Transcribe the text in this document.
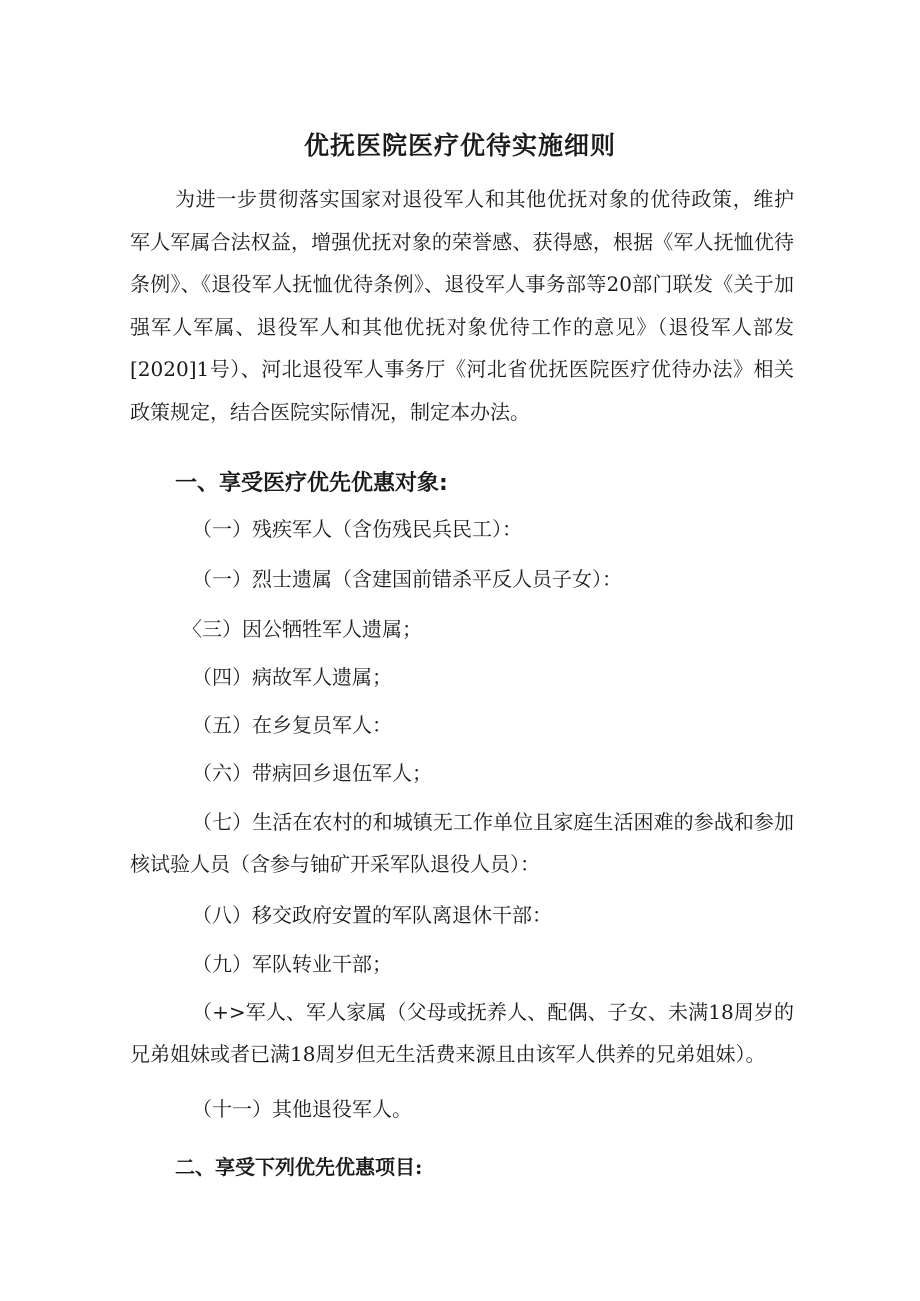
优抚医院医疗优待实施细则

为进一步贯彻落实国家对退役军人和其他优抚对象的优待政策，维护军人军属合法权益，增强优抚对象的荣誉感、获得感，根据《军人抚恤优待条例》、《退役军人抚恤优待条例》、退役军人事务部等20部门联发《关于加强军人军属、退役军人和其他优抚对象优待工作的意见》（退役军人部发[2020]1号）、河北退役军人事务厅《河北省优抚医院医疗优待办法》相关政策规定，结合医院实际情况，制定本办法。

一、享受医疗优先优惠对象:

（一）残疾军人（含伤残民兵民工）：

（一）烈士遗属（含建国前错杀平反人员子女）：

〈三）因公牺牲军人遗属；

（四）病故军人遗属；

（五）在乡复员军人：

（六）带病回乡退伍军人；

（七）生活在农村的和城镇无工作单位且家庭生活困难的参战和参加核试验人员（含参与铀矿开采军队退役人员）：

（八）移交政府安置的军队离退休干部：

（九）军队转业干部；

（+>军人、军人家属（父母或抚养人、配偶、子女、未满18周岁的兄弟姐妹或者已满18周岁但无生活费来源且由该军人供养的兄弟姐妹）。

（十一）其他退役军人。

二、享受下列优先优惠项目:
